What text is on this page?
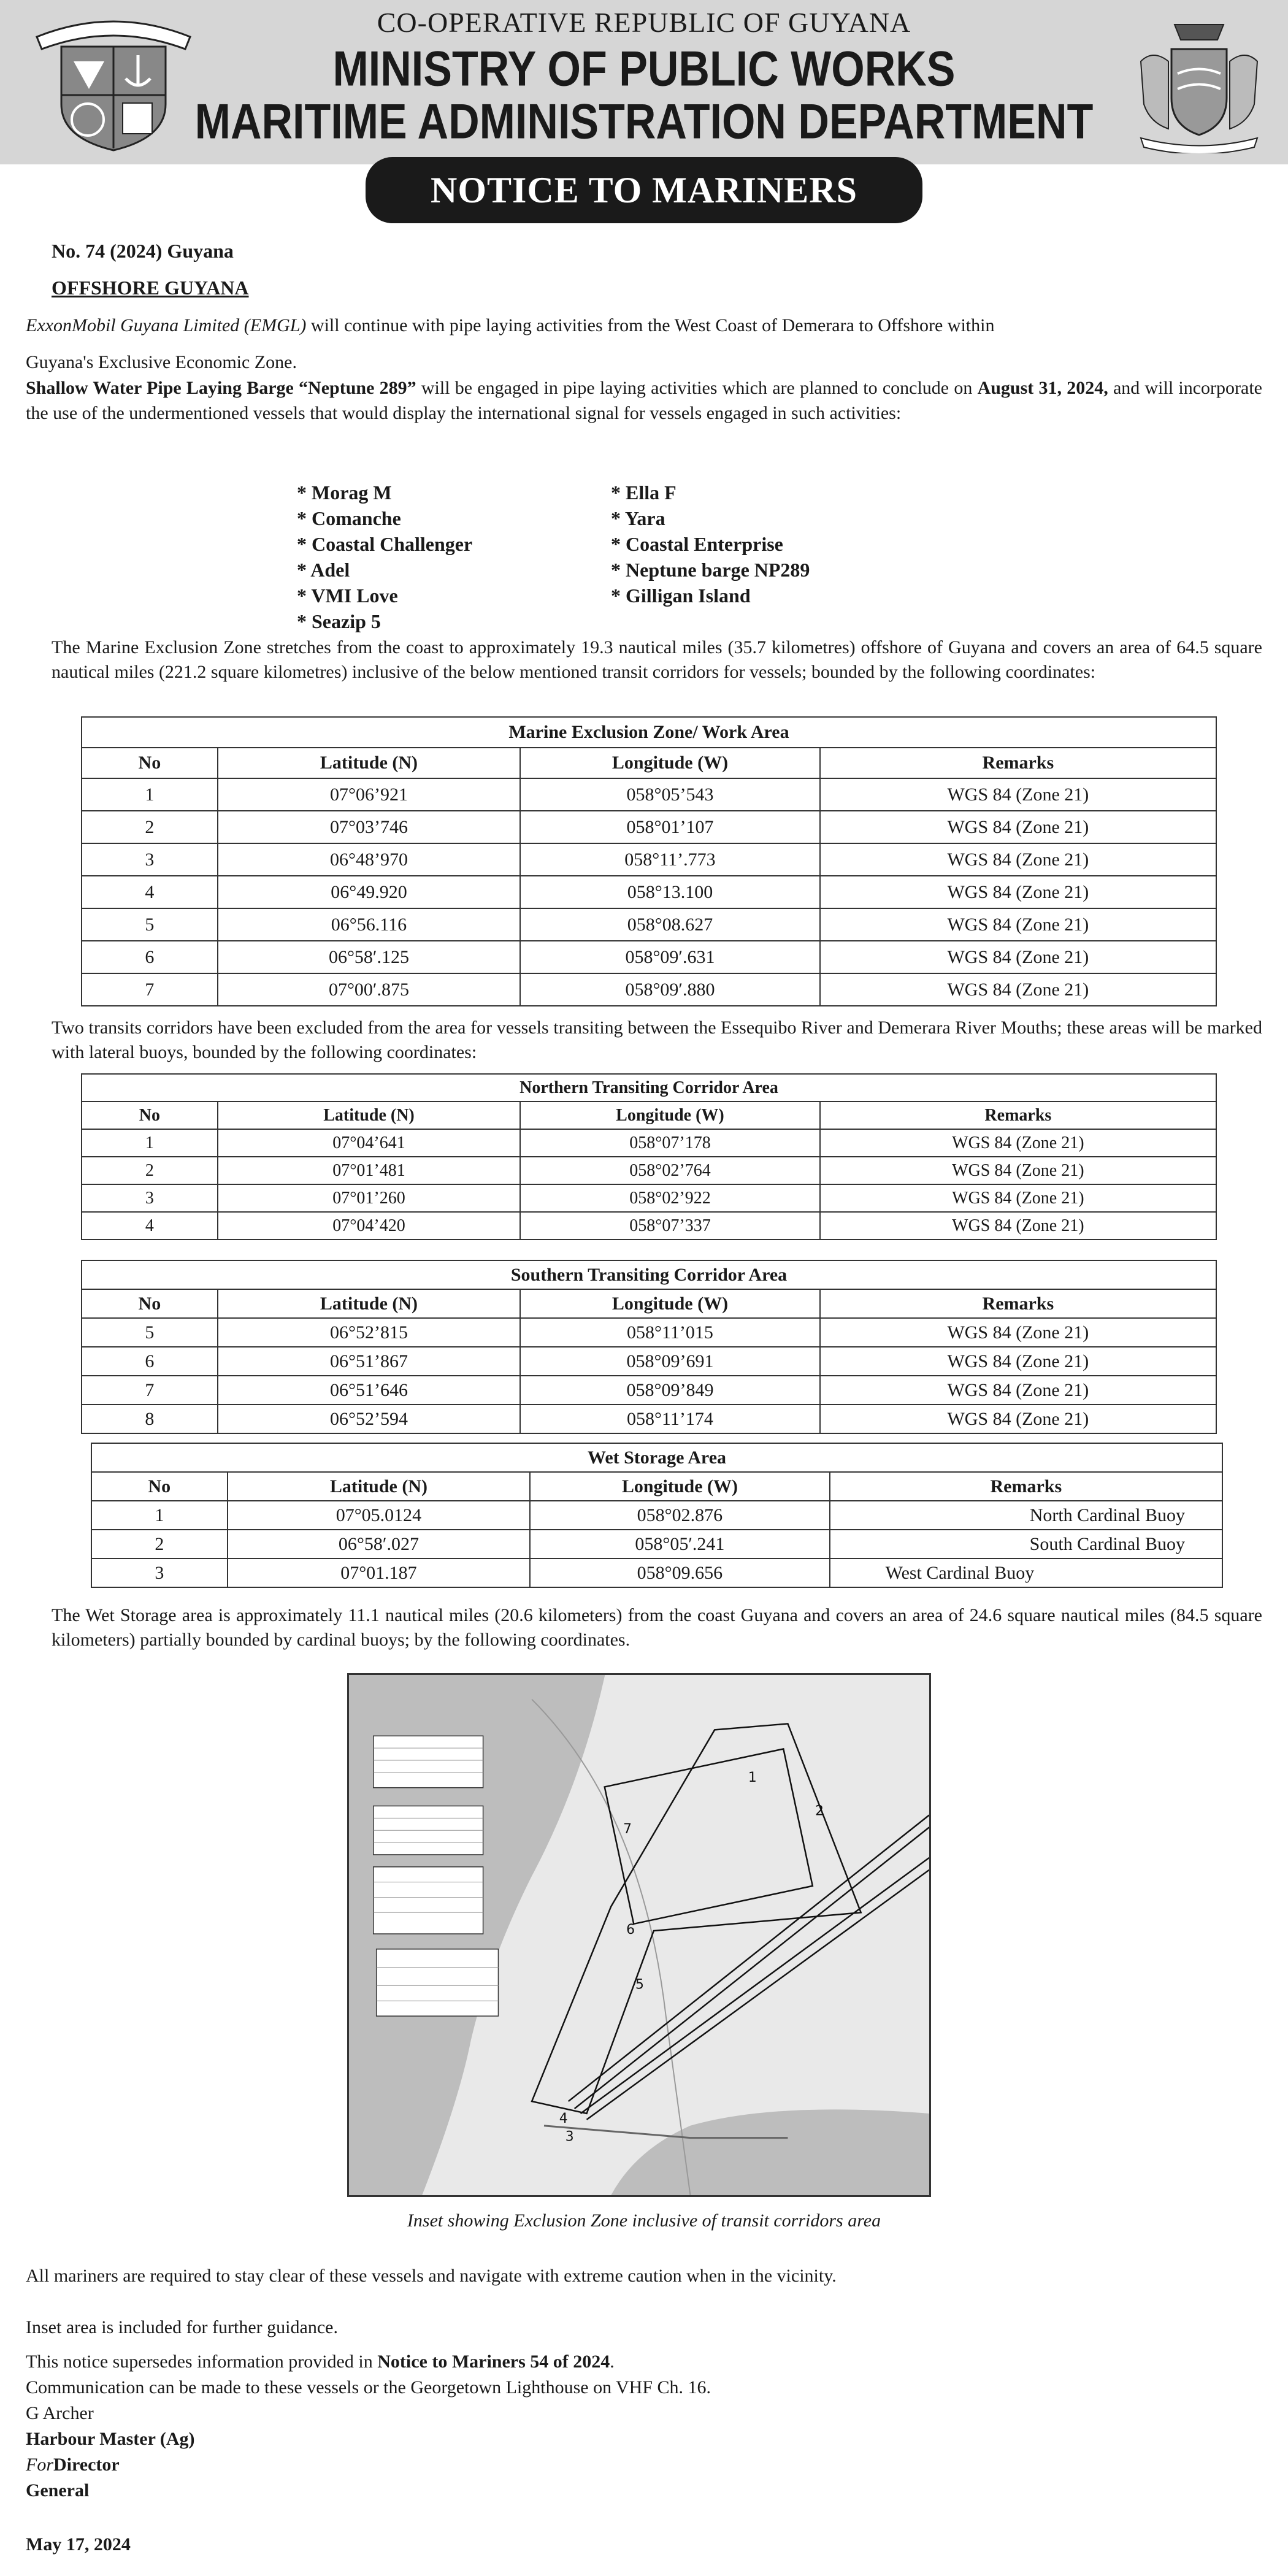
CO-OPERATIVE REPUBLIC OF GUYANA
MINISTRY OF PUBLIC WORKS
MARITIME ADMINISTRATION DEPARTMENT
NOTICE TO MARINERS
No. 74 (2024) Guyana
OFFSHORE GUYANA
ExxonMobil Guyana Limited (EMGL) will continue with pipe laying activities from the West Coast of Demerara to Offshore within
Guyana's Exclusive Economic Zone.
Shallow Water Pipe Laying Barge “Neptune 289” will be engaged in pipe laying activities which are planned to conclude on August 31, 2024, and will incorporate the use of the undermentioned vessels that would display the international signal for vessels engaged in such activities:
* Morag M
* Comanche
* Coastal Challenger
* Adel
* VMI Love
* Seazip 5
* Ella F
* Yara
* Coastal Enterprise
* Neptune barge NP289
* Gilligan Island
The Marine Exclusion Zone stretches from the coast to approximately 19.3 nautical miles (35.7 kilometres) offshore of Guyana and covers an area of 64.5 square nautical miles (221.2 square kilometres) inclusive of the below mentioned transit corridors for vessels; bounded by the following coordinates:
Marine Exclusion Zone/ Work Area			
No	Latitude (N)	Longitude (W)	Remarks
1	07°06’921	058°05’543	WGS 84 (Zone 21)
2	07°03’746	058°01’107	WGS 84 (Zone 21)
3	06°48’970	058°11’.773	WGS 84 (Zone 21)
4	06°49.920	058°13.100	WGS 84 (Zone 21)
5	06°56.116	058°08.627	WGS 84 (Zone 21)
6	06°58′.125	058°09′.631	WGS 84 (Zone 21)
7	07°00′.875	058°09′.880	WGS 84 (Zone 21)
Two transits corridors have been excluded from the area for vessels transiting between the Essequibo River and Demerara River Mouths; these areas will be marked with lateral buoys, bounded by the following coordinates:
Northern Transiting Corridor Area			
No	Latitude (N)	Longitude (W)	Remarks
1	07°04’641	058°07’178	WGS 84 (Zone 21)
2	07°01’481	058°02’764	WGS 84 (Zone 21)
3	07°01’260	058°02’922	WGS 84 (Zone 21)
4	07°04’420	058°07’337	WGS 84 (Zone 21)
Southern Transiting Corridor Area			
No	Latitude (N)	Longitude (W)	Remarks
5	06°52’815	058°11’015	WGS 84 (Zone 21)
6	06°51’867	058°09’691	WGS 84 (Zone 21)
7	06°51’646	058°09’849	WGS 84 (Zone 21)
8	06°52’594	058°11’174	WGS 84 (Zone 21)
Wet Storage Area			
No	Latitude (N)	Longitude (W)	Remarks
1	07°05.0124	058°02.876	North Cardinal Buoy
2	06°58′.027	058°05′.241	South Cardinal Buoy
3	07°01.187	058°09.656	West Cardinal Buoy
The Wet Storage area is approximately 11.1 nautical miles (20.6 kilometers) from the coast Guyana and covers an area of 24.6 square nautical miles (84.5 square kilometers) partially bounded by cardinal buoys; by the following coordinates.
1
2
3
4
5
6
7
Inset showing Exclusion Zone inclusive of transit corridors area
All mariners are required to stay clear of these vessels and navigate with extreme caution when in the vicinity.
Inset area is included for further guidance.
This notice supersedes information provided in Notice to Mariners 54 of 2024.
Communication can be made to these vessels or the Georgetown Lighthouse on VHF Ch. 16.
G Archer
Harbour Master (Ag)
ForDirector
General
May 17, 2024
